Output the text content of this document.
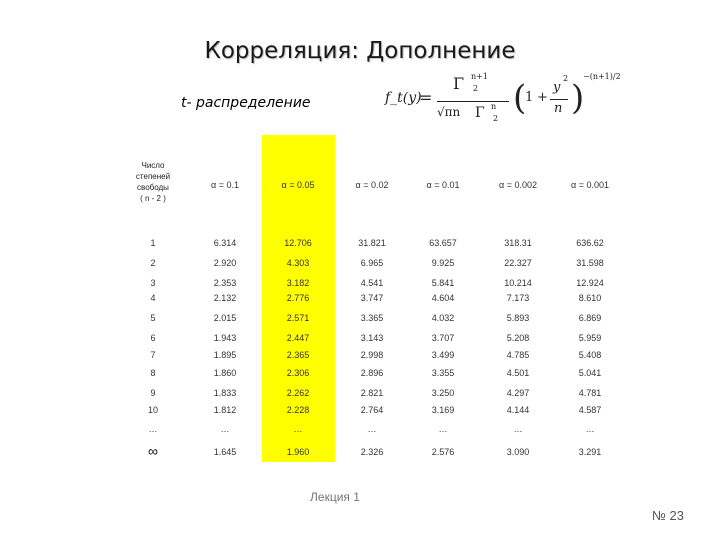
Корреляция: Дополнение
t- распределение	f_t(y)
=
Γ n+1
2
√πn Γ n
2
(
1 +
y
2
n )
−(n+1)/2
Число
степеней
свободы
( n - 2 )
α = 0.1	α = 0.05	α = 0.02	α = 0.01	α = 0.002	α = 0.001
1	6.314	12.706	31.821	63.657	318.31	636.62
2	2.920	4.303	6.965	9.925	22.327	31.598
3	2.353	3.182	4.541	5.841	10.214	12.924
4	2.132	2.776	3.747	4.604	7.173	8.610
5	2.015	2.571	3.365	4.032	5.893	6.869
6	1.943	2.447	3.143	3.707	5.208	5.959
7	1.895	2.365	2.998	3.499	4.785	5.408
8	1.860	2.306	2.896	3.355	4.501	5.041
9	1.833	2.262	2.821	3.250	4.297	4.781
10	1.812	2.228	2.764	3.169	4.144	4.587
…	…	…	…	…	…	…
∞	1.645	1.960	2.326	2.576	3.090	3.291
Лекция 1
№ 23
